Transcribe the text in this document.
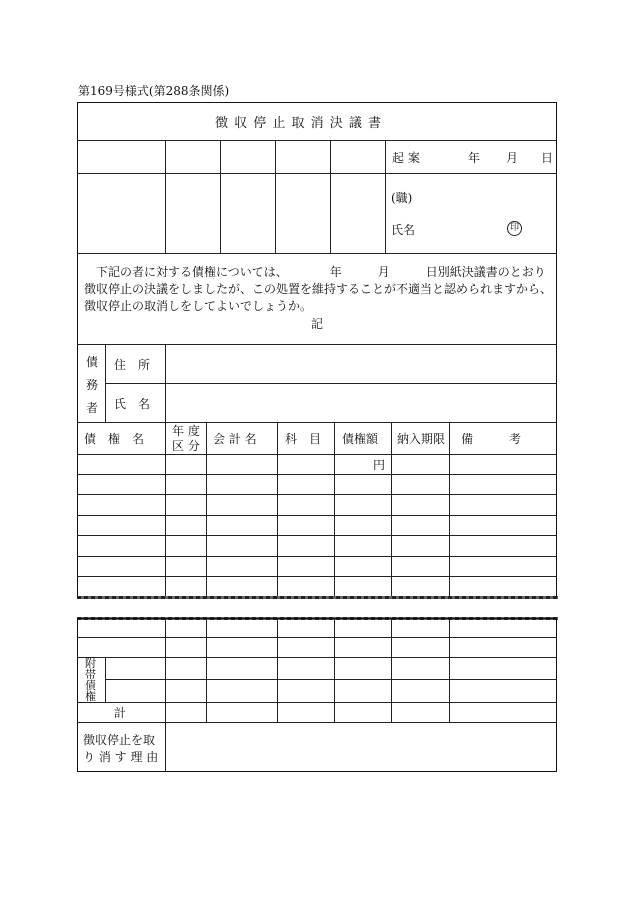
第169号様式(第288条関係)
徴 収 停 止 取 消 決 議 書
起 案	年 月 日
(職)
氏名	印
　下記の者に対する債権については、　　　　年　　　月　　　日別紙決議書のとおり徴収停止の決議をしましたが、この処置を維持することが不適当と認められますから、徴収停止の取消しをしてよいでしょうか。
記
債
務
者
住　所
氏　名
債　権　名
年 度
区 分 会 計 名 科　目 債権額 納入期限 備　　　考
円
附帯債権
計
徴収停止を取
り 消 す 理 由
